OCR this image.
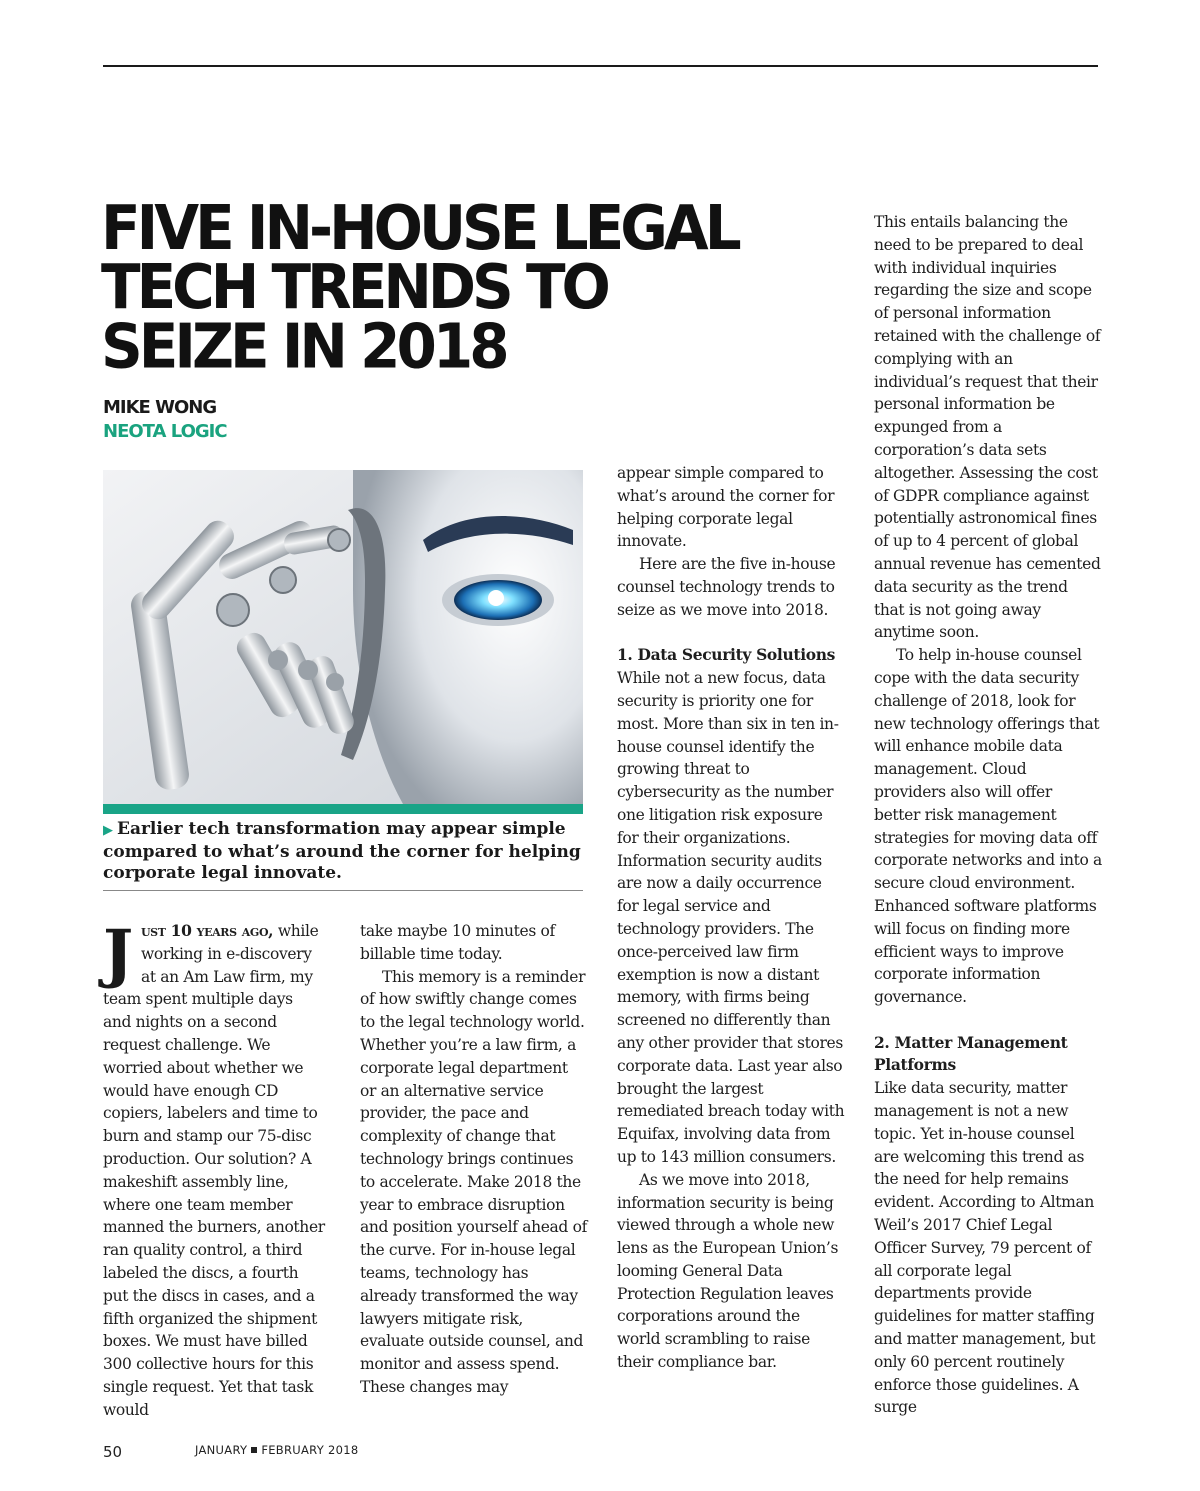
FIVE IN-HOUSE LEGAL TECH TRENDS TO SEIZE IN 2018
MIKE WONG
NEOTA LOGIC
▶ Earlier tech transformation may appear simple compared to what’s around the corner for helping corporate legal innovate.
J ust 10 years ago, while working in e-discovery at an Am Law firm, my team spent multiple days and nights on a second request challenge. We worried about whether we would have enough CD copiers, labelers and time to burn and stamp our 75-disc production. Our solution? A makeshift assembly line, where one team member manned the burners, another ran quality control, a third labeled the discs, a fourth put the discs in cases, and a fifth organized the shipment boxes. We must have billed 300 collective hours for this single request. Yet that task would

take maybe 10 minutes of billable time today.

This memory is a reminder of how swiftly change comes to the legal technology world. Whether you’re a law firm, a corporate legal department or an alternative service provider, the pace and complexity of change that technology brings continues to accelerate. Make 2018 the year to embrace disruption and position yourself ahead of the curve. For in-house legal teams, technology has already transformed the way lawyers mitigate risk, evaluate outside counsel, and monitor and assess spend. These changes may

appear simple compared to what’s around the corner for helping corporate legal innovate.

Here are the five in-house counsel technology trends to seize as we move into 2018.

1. Data Security Solutions

While not a new focus, data security is priority one for most. More than six in ten in-house counsel identify the growing threat to cybersecurity as the number one litigation risk exposure for their organizations. Information security audits are now a daily occurrence for legal service and technology providers. The once-perceived law firm exemption is now a distant memory, with firms being screened no differently than any other provider that stores corporate data. Last year also brought the largest remediated breach today with Equifax, involving data from up to 143 million consumers.

As we move into 2018, information security is being viewed through a whole new lens as the European Union’s looming General Data Protection Regulation leaves corporations around the world scrambling to raise their compliance bar.

This entails balancing the need to be prepared to deal with individual inquiries regarding the size and scope of personal information retained with the challenge of complying with an individual’s request that their personal information be expunged from a corporation’s data sets altogether. Assessing the cost of GDPR compliance against potentially astronomical fines of up to 4 percent of global annual revenue has cemented data security as the trend that is not going away anytime soon.

To help in-house counsel cope with the data security challenge of 2018, look for new technology offerings that will enhance mobile data management. Cloud providers also will offer better risk management strategies for moving data off corporate networks and into a secure cloud environment. Enhanced software platforms will focus on finding more efficient ways to improve corporate information governance.

2. Matter Management Platforms

Like data security, matter management is not a new topic. Yet in-house counsel are welcoming this trend as the need for help remains evident. According to Altman Weil’s 2017 Chief Legal Officer Survey, 79 percent of all corporate legal departments provide guidelines for matter staffing and matter management, but only 60 percent routinely enforce those guidelines. A surge

50	JANUARY FEBRUARY 2018
